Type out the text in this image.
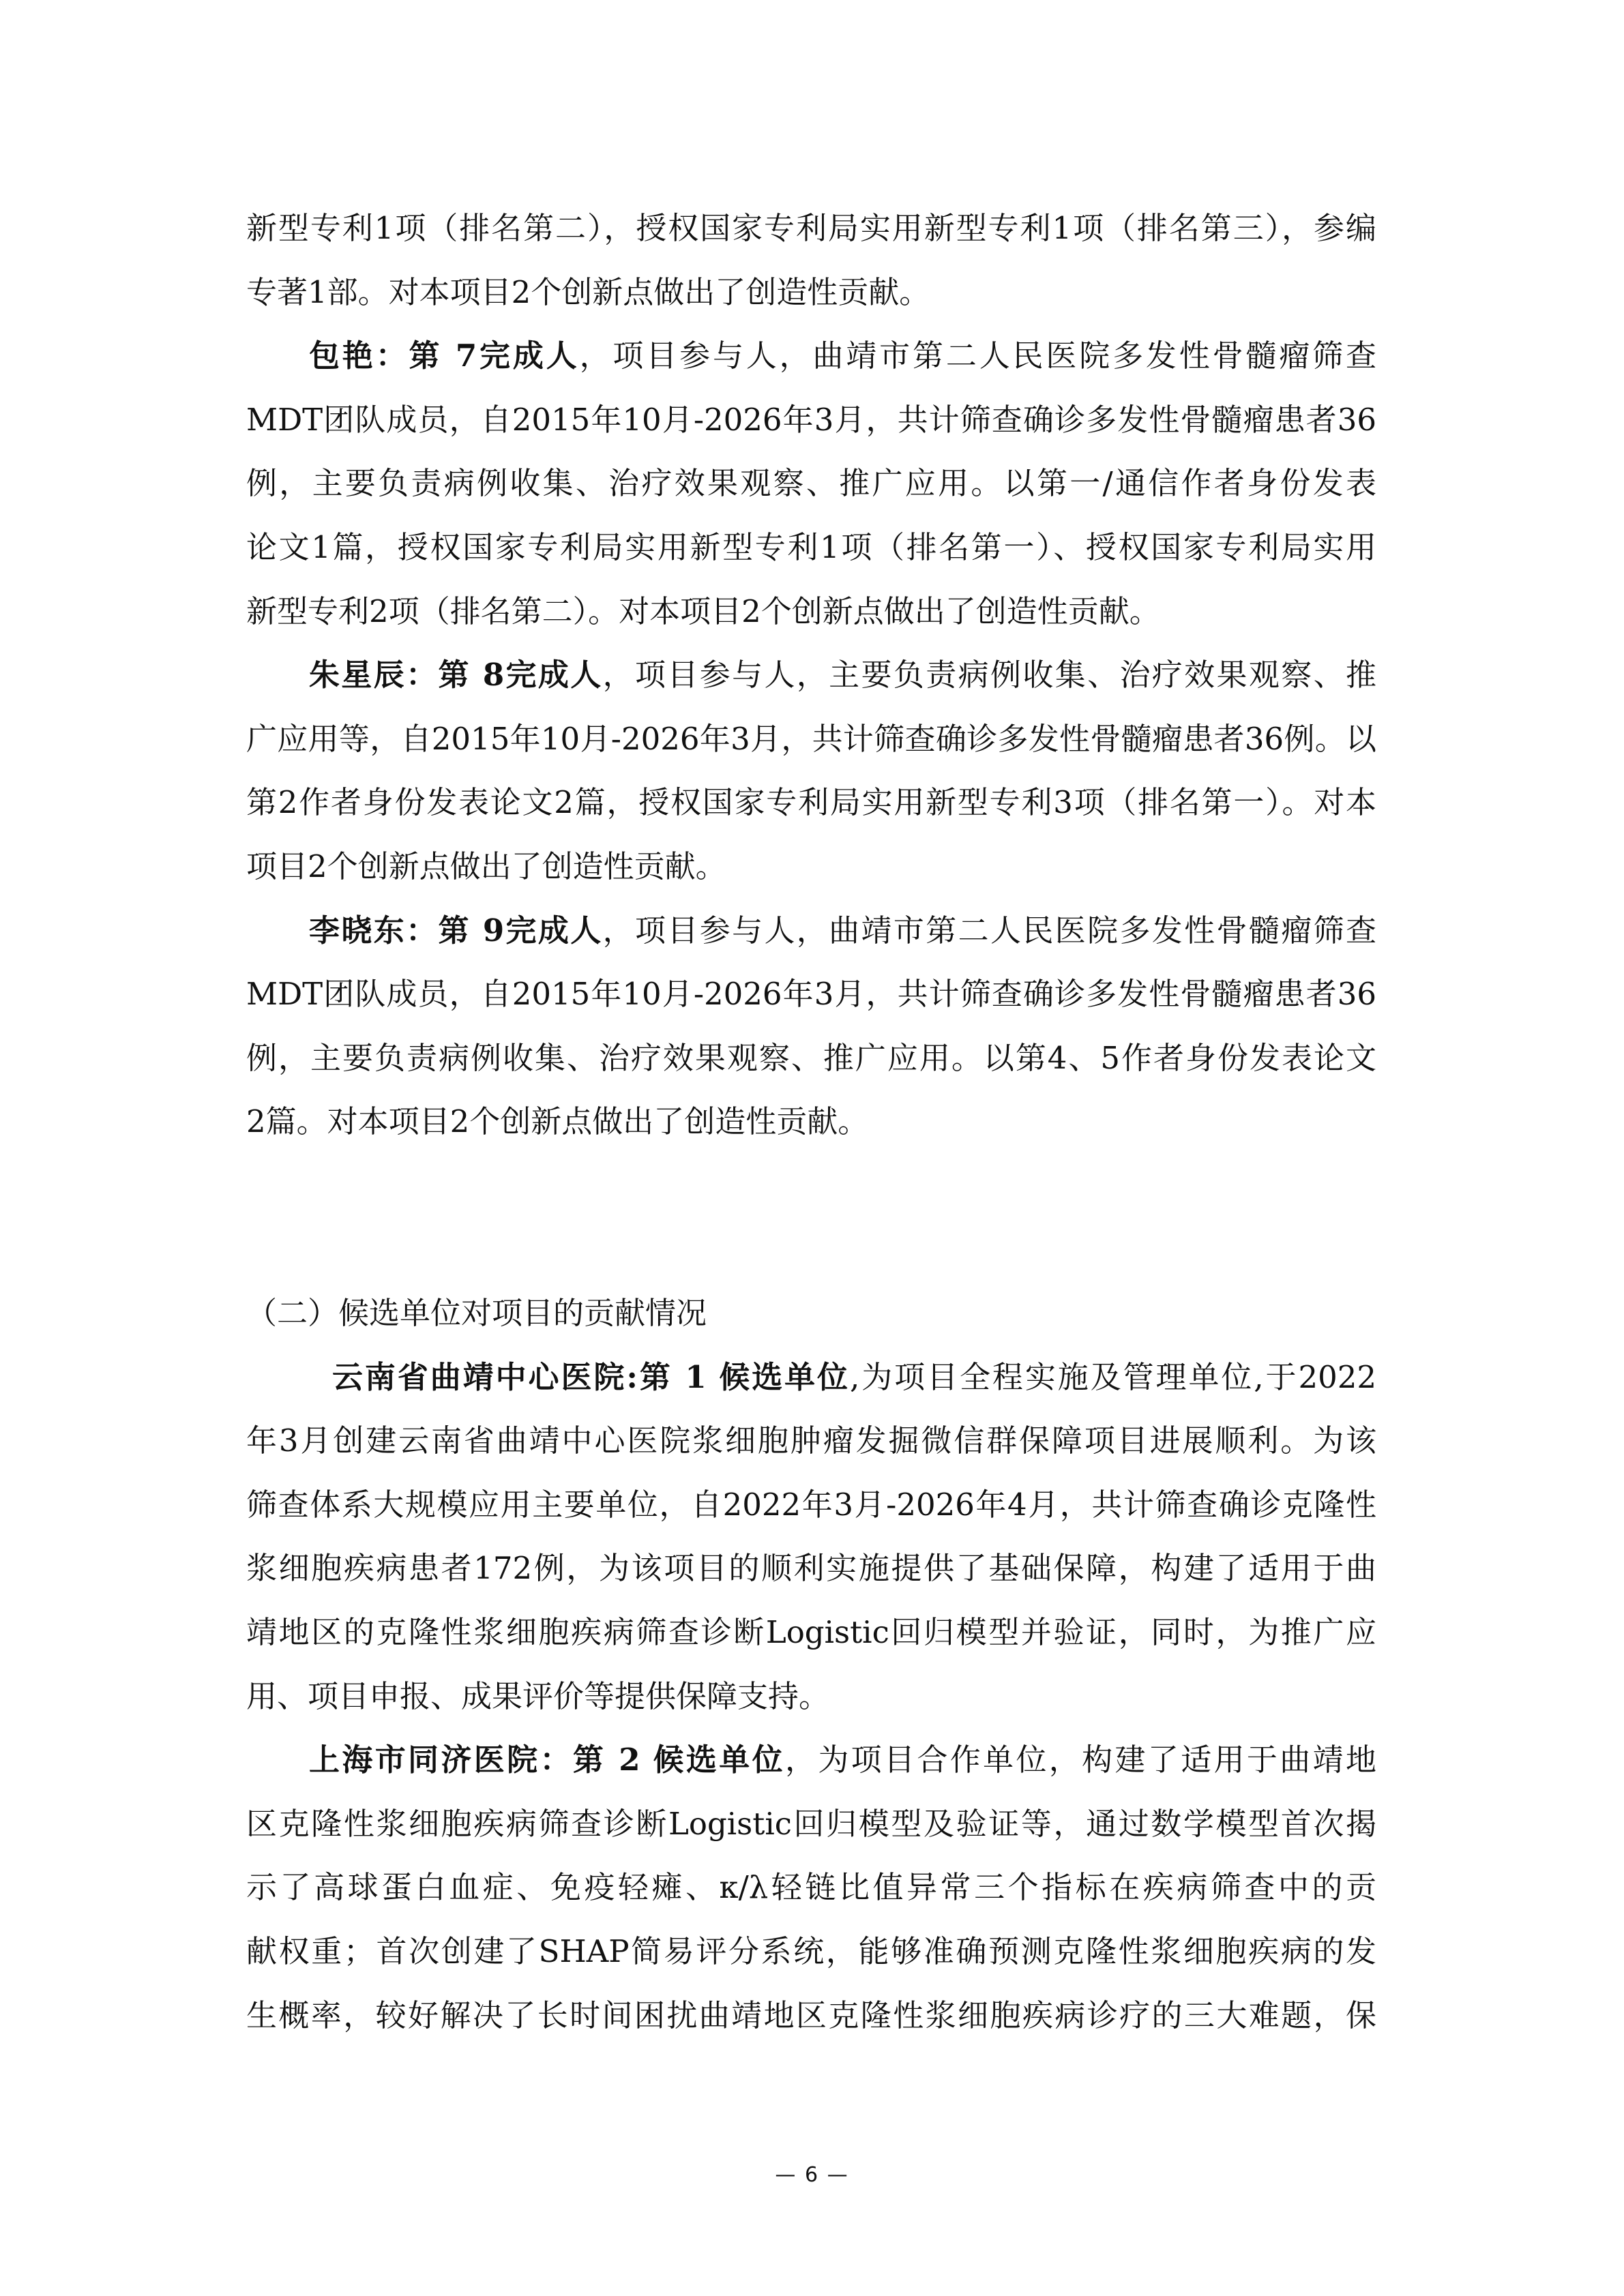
新型专利1项（排名第二），授权国家专利局实用新型专利1项（排名第三），参编
专著1部。对本项目2个创新点做出了创造性贡献。
包艳：第 7完成人，项目参与人，曲靖市第二人民医院多发性骨髓瘤筛查
MDT团队成员，自2015年10月-2026年3月，共计筛查确诊多发性骨髓瘤患者36
例，主要负责病例收集、治疗效果观察、推广应用。以第一/通信作者身份发表
论文1篇，授权国家专利局实用新型专利1项（排名第一）、授权国家专利局实用
新型专利2项（排名第二）。对本项目2个创新点做出了创造性贡献。
朱星辰：第 8完成人，项目参与人，主要负责病例收集、治疗效果观察、推
广应用等，自2015年10月-2026年3月，共计筛查确诊多发性骨髓瘤患者36例。以
第2作者身份发表论文2篇，授权国家专利局实用新型专利3项（排名第一）。对本
项目2个创新点做出了创造性贡献。
李晓东：第 9完成人，项目参与人，曲靖市第二人民医院多发性骨髓瘤筛查
MDT团队成员，自2015年10月-2026年3月，共计筛查确诊多发性骨髓瘤患者36
例，主要负责病例收集、治疗效果观察、推广应用。以第4、5作者身份发表论文
2篇。对本项目2个创新点做出了创造性贡献。
（二）候选单位对项目的贡献情况
云南省曲靖中心医院:第 1 候选单位,为项目全程实施及管理单位,于2022
年3月创建云南省曲靖中心医院浆细胞肿瘤发掘微信群保障项目进展顺利。为该
筛查体系大规模应用主要单位，自2022年3月-2026年4月，共计筛查确诊克隆性
浆细胞疾病患者172例，为该项目的顺利实施提供了基础保障，构建了适用于曲
靖地区的克隆性浆细胞疾病筛查诊断Logistic回归模型并验证，同时，为推广应
用、项目申报、成果评价等提供保障支持。
上海市同济医院：第 2 候选单位，为项目合作单位，构建了适用于曲靖地
区克隆性浆细胞疾病筛查诊断Logistic回归模型及验证等，通过数学模型首次揭
示了高球蛋白血症、免疫轻瘫、κ/λ轻链比值异常三个指标在疾病筛查中的贡
献权重；首次创建了SHAP简易评分系统，能够准确预测克隆性浆细胞疾病的发
生概率，较好解决了长时间困扰曲靖地区克隆性浆细胞疾病诊疗的三大难题，保
— 6 —
